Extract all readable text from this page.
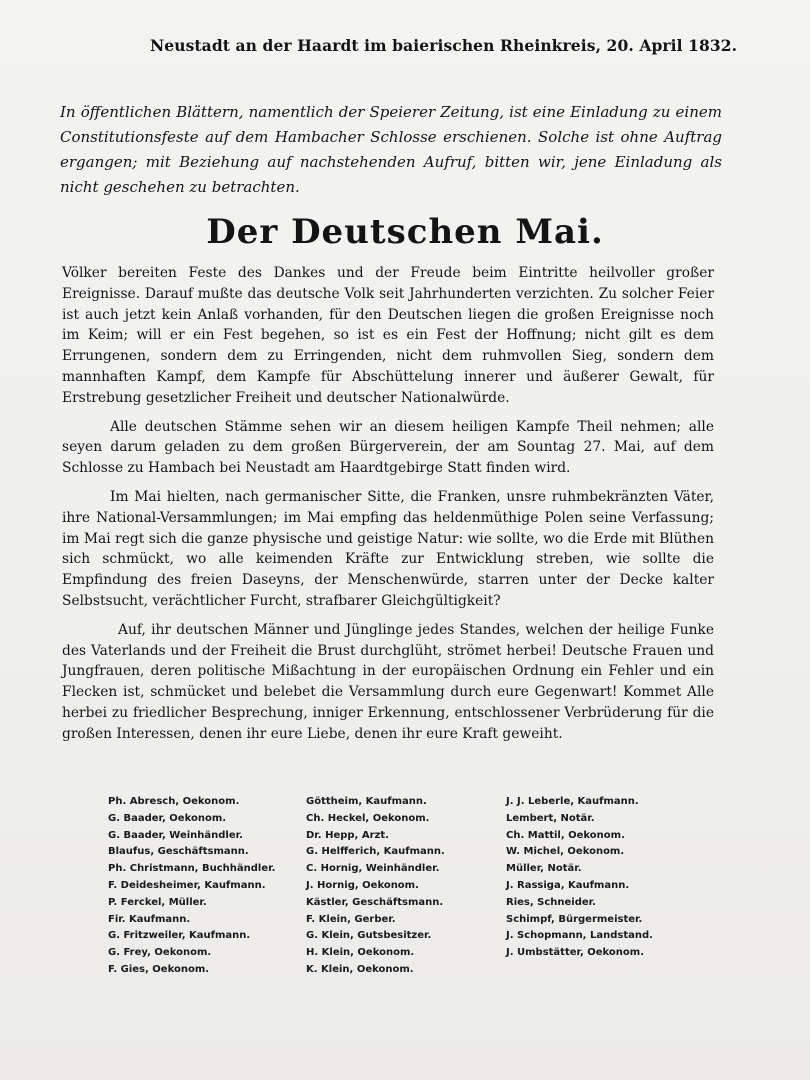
Neustadt an der Haardt im baierischen Rheinkreis, 20. April 1832.
In öffentlichen Blättern, namentlich der Speierer Zeitung, ist eine Einladung zu einem Constitutionsfeste auf dem Hambacher Schlosse erschienen. Solche ist ohne Auftrag ergangen; mit Beziehung auf nachstehenden Aufruf, bitten wir, jene Einladung als nicht geschehen zu betrachten.
Der Deutschen Mai.

Völker bereiten Feste des Dankes und der Freude beim Eintritte heilvoller großer Ereignisse. Darauf mußte das deutsche Volk seit Jahrhunderten verzichten. Zu solcher Feier ist auch jetzt kein Anlaß vorhanden, für den Deutschen liegen die großen Ereignisse noch im Keim; will er ein Fest begehen, so ist es ein Fest der Hoffnung; nicht gilt es dem Errungenen, sondern dem zu Erringenden, nicht dem ruhmvollen Sieg, sondern dem mannhaften Kampf, dem Kampfe für Abschüttelung innerer und äußerer Gewalt, für Erstrebung gesetzlicher Freiheit und deutscher Nationalwürde.

Alle deutschen Stämme sehen wir an diesem heiligen Kampfe Theil nehmen; alle seyen darum geladen zu dem großen Bürgerverein, der am Sountag 27. Mai, auf dem Schlosse zu Hambach bei Neustadt am Haardtgebirge Statt finden wird.

Im Mai hielten, nach germanischer Sitte, die Franken, unsre ruhmbekränzten Väter, ihre National-Versammlungen; im Mai empfing das heldenmüthige Polen seine Verfassung; im Mai regt sich die ganze physische und geistige Natur: wie sollte, wo die Erde mit Blüthen sich schmückt, wo alle keimenden Kräfte zur Entwicklung streben, wie sollte die Empfindung des freien Daseyns, der Menschenwürde, starren unter der Decke kalter Selbstsucht, verächtlicher Furcht, strafbarer Gleichgültigkeit?

Auf, ihr deutschen Männer und Jünglinge jedes Standes, welchen der heilige Funke des Vaterlands und der Freiheit die Brust durchglüht, strömet herbei! Deutsche Frauen und Jungfrauen, deren politische Mißachtung in der europäischen Ordnung ein Fehler und ein Flecken ist, schmücket und belebet die Versammlung durch eure Gegenwart! Kommet Alle herbei zu friedlicher Besprechung, inniger Erkennung, entschlossener Verbrüderung für die großen Interessen, denen ihr eure Liebe, denen ihr eure Kraft geweiht.

Ph. Abresch, Oekonom.
G. Baader, Oekonom.
G. Baader, Weinhändler.
Blaufus, Geschäftsmann.
Ph. Christmann, Buchhändler.
F. Deidesheimer, Kaufmann.
P. Ferckel, Müller.
Fir. Kaufmann.
G. Fritzweiler, Kaufmann.
G. Frey, Oekonom.
F. Gies, Oekonom.
Göttheim, Kaufmann.
Ch. Heckel, Oekonom.
Dr. Hepp, Arzt.
G. Helfferich, Kaufmann.
C. Hornig, Weinhändler.
J. Hornig, Oekonom.
Kästler, Geschäftsmann.
F. Klein, Gerber.
G. Klein, Gutsbesitzer.
H. Klein, Oekonom.
K. Klein, Oekonom.
J. J. Leberle, Kaufmann.
Lembert, Notär.
Ch. Mattil, Oekonom.
W. Michel, Oekonom.
Müller, Notär.
J. Rassiga, Kaufmann.
Ries, Schneider.
Schimpf, Bürgermeister.
J. Schopmann, Landstand.
J. Umbstätter, Oekonom.
